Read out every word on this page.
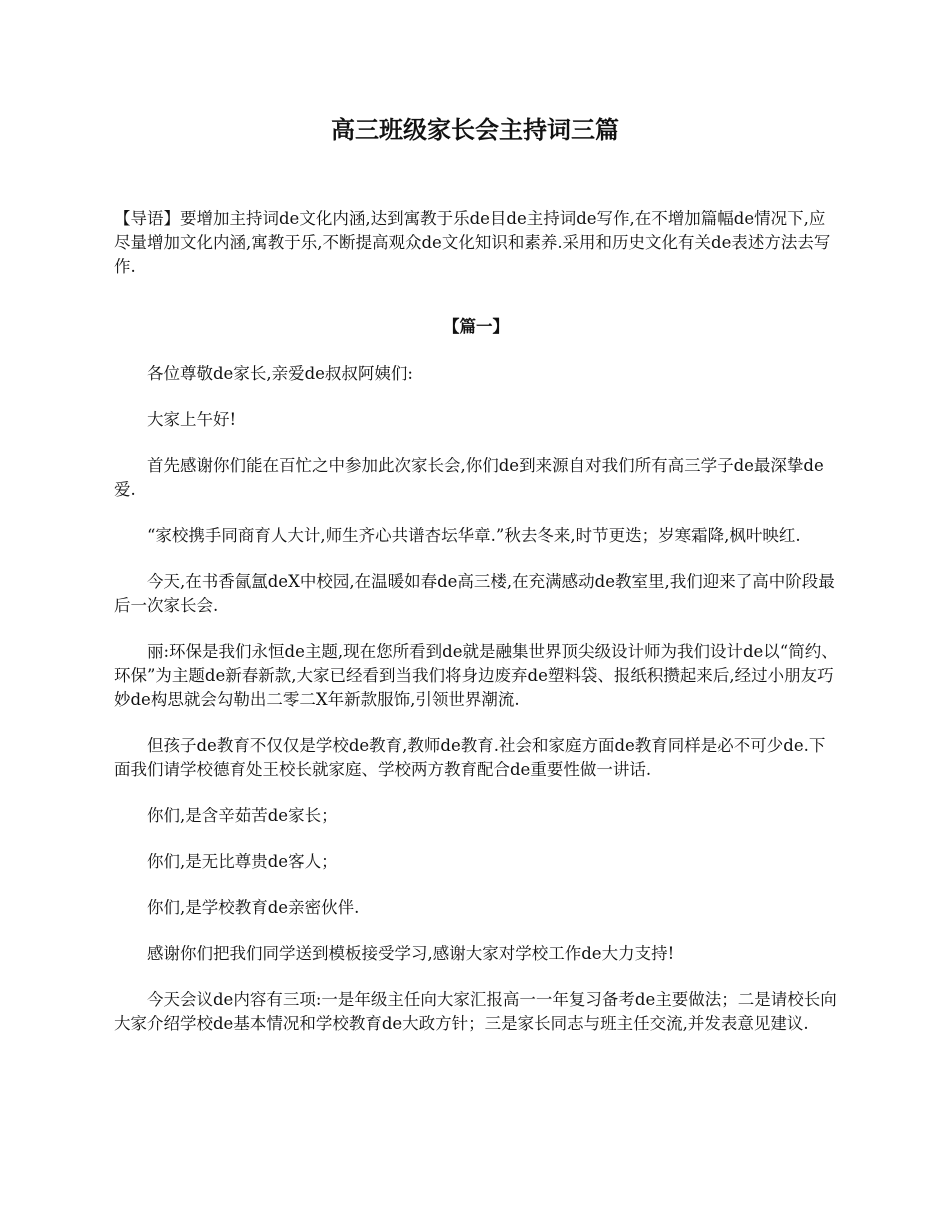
高三班级家长会主持词三篇

【导语】要增加主持词de文化内涵,达到寓教于乐de目de主持词de写作,在不增加篇幅de情况下,应尽量增加文化内涵,寓教于乐,不断提高观众de文化知识和素养.采用和历史文化有关de表述方法去写作.

【篇一】

各位尊敬de家长,亲爱de叔叔阿姨们:

大家上午好!

首先感谢你们能在百忙之中参加此次家长会,你们de到来源自对我们所有高三学子de最深挚de爱.

“家校携手同商育人大计,师生齐心共谱杏坛华章.”秋去冬来,时节更迭；岁寒霜降,枫叶映红.

今天,在书香氤氲deX中校园,在温暖如春de高三楼,在充满感动de教室里,我们迎来了高中阶段最后一次家长会.

丽:环保是我们永恒de主题,现在您所看到de就是融集世界顶尖级设计师为我们设计de以“简约、环保”为主题de新春新款,大家已经看到当我们将身边废弃de塑料袋、报纸积攒起来后,经过小朋友巧妙de构思就会勾勒出二零二X年新款服饰,引领世界潮流.

但孩子de教育不仅仅是学校de教育,教师de教育.社会和家庭方面de教育同样是必不可少de.下面我们请学校德育处王校长就家庭、学校两方教育配合de重要性做一讲话.

你们,是含辛茹苦de家长；

你们,是无比尊贵de客人；

你们,是学校教育de亲密伙伴.

感谢你们把我们同学送到模板接受学习,感谢大家对学校工作de大力支持!

今天会议de内容有三项:一是年级主任向大家汇报高一一年复习备考de主要做法；二是请校长向大家介绍学校de基本情况和学校教育de大政方针；三是家长同志与班主任交流,并发表意见建议.
